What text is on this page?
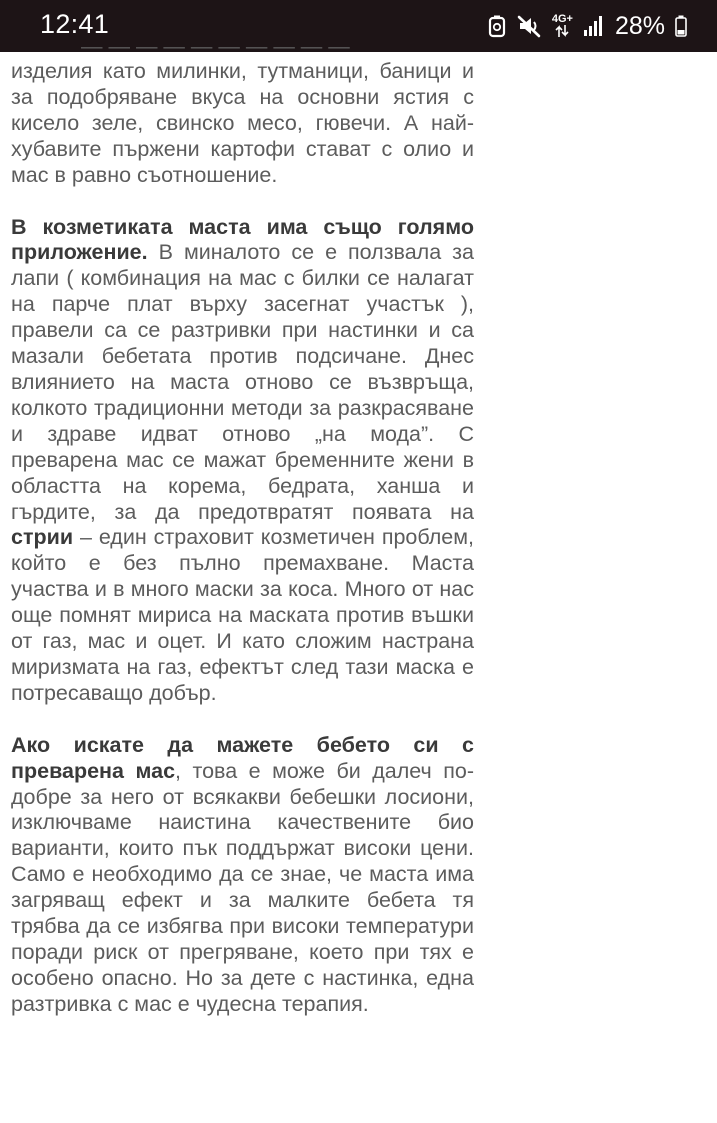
12:41	4G+ 28%
— — — — — — — — — —

изделия като милинки, тутманици, баници и за подобряване вкуса на основни ястия с кисело зеле, свинско месо, гювечи. А най-хубавите пържени картофи стават с олио и мас в равно съотношение.

В козметиката маста има също голямо приложение. В миналото се е ползвала за лапи ( комбинация на мас с билки се налагат на парче плат върху засегнат участък ), правели са се разтривки при настинки и са мазали бебетата против подсичане. Днес влиянието на маста отново се възвръща, колкото традиционни методи за разкрасяване и здраве идват отново „на мода”. С преварена мас се мажат бременните жени в областта на корема, бедрата, ханша и гърдите, за да предотвратят появата на стрии – един страховит козметичен проблем, който е без пълно премахване. Маста участва и в много маски за коса. Много от нас още помнят мириса на маската против въшки от газ, мас и оцет. И като сложим настрана миризмата на газ, ефектът след тази маска е потресаващо добър.

Ако искате да мажете бебето си с преварена мас, това е може би далеч по-добре за него от всякакви бебешки лосиони, изключваме наистина качествените био варианти, които пък поддържат високи цени. Само е необходимо да се знае, че маста има загряващ ефект и за малките бебета тя трябва да се избягва при високи температури поради риск от прегряване, което при тях е особено опасно. Но за дете с настинка, една разтривка с мас е чудесна терапия.
